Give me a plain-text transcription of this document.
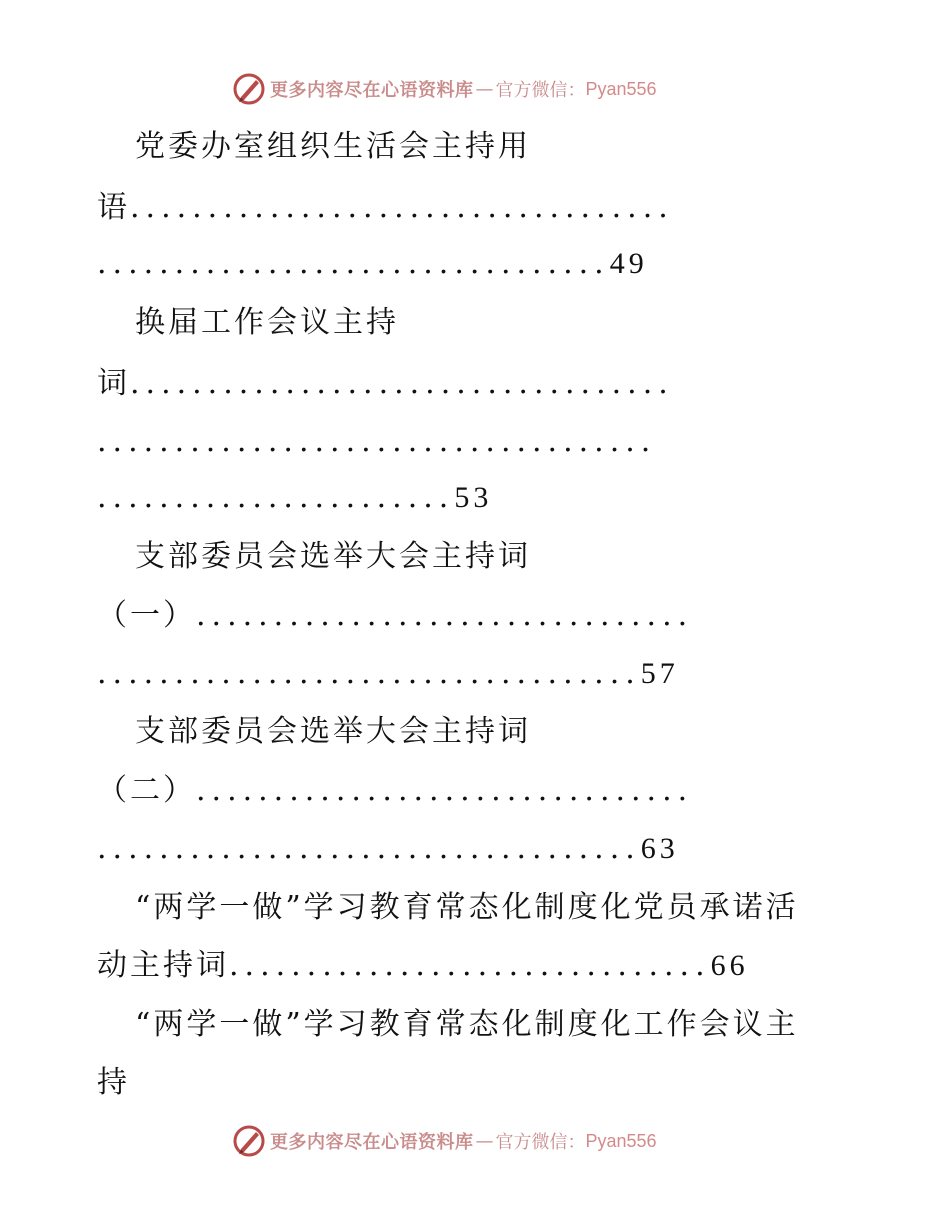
更多内容尽在心语资料库 — 官方微信： Pyan556
党委办室组织生活会主持用
语...................................
.................................49
换届工作会议主持
词...................................
....................................
.......................53
支部委员会选举大会主持词
（一）................................
...................................57
支部委员会选举大会主持词
（二）................................
...................................63
“两学一做”学习教育常态化制度化党员承诺活
动主持词...............................66
“两学一做”学习教育常态化制度化工作会议主
持
更多内容尽在心语资料库 — 官方微信： Pyan556
